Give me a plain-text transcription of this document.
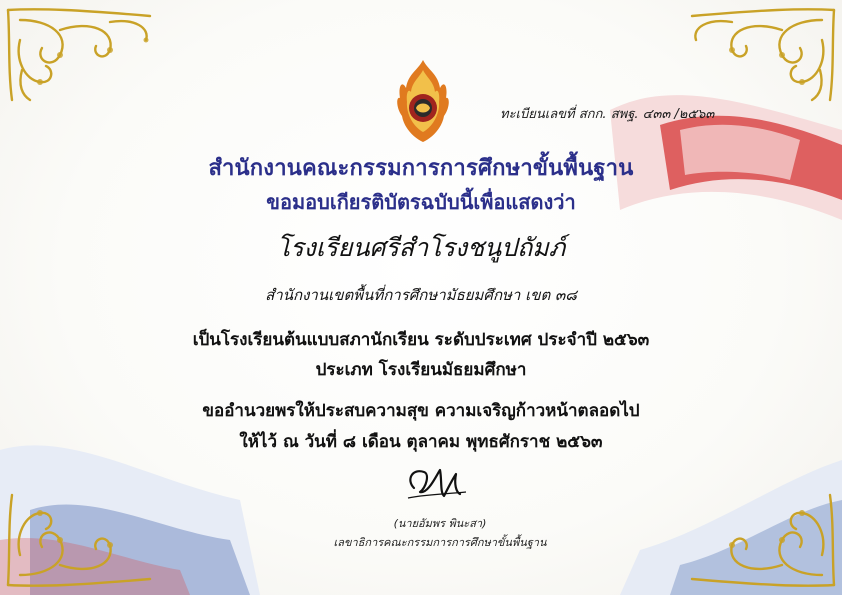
ทะเบียนเลขที่ สกก. สพฐ. ๔๓๓ /๒๕๖๓
สำนักงานคณะกรรมการการศึกษาขั้นพื้นฐาน
ขอมอบเกียรติบัตรฉบับนี้เพื่อแสดงว่า
โรงเรียนศรีสำโรงชนูปถัมภ์
สำนักงานเขตพื้นที่การศึกษามัธยมศึกษา เขต ๓๘
เป็นโรงเรียนต้นแบบสภานักเรียน ระดับประเทศ ประจำปี ๒๕๖๓
ประเภท โรงเรียนมัธยมศึกษา
ขออำนวยพรให้ประสบความสุข ความเจริญก้าวหน้าตลอดไป
ให้ไว้ ณ วันที่ ๘ เดือน ตุลาคม พุทธศักราช ๒๕๖๓
(นายอัมพร พินะสา)
เลขาธิการคณะกรรมการการศึกษาขั้นพื้นฐาน
